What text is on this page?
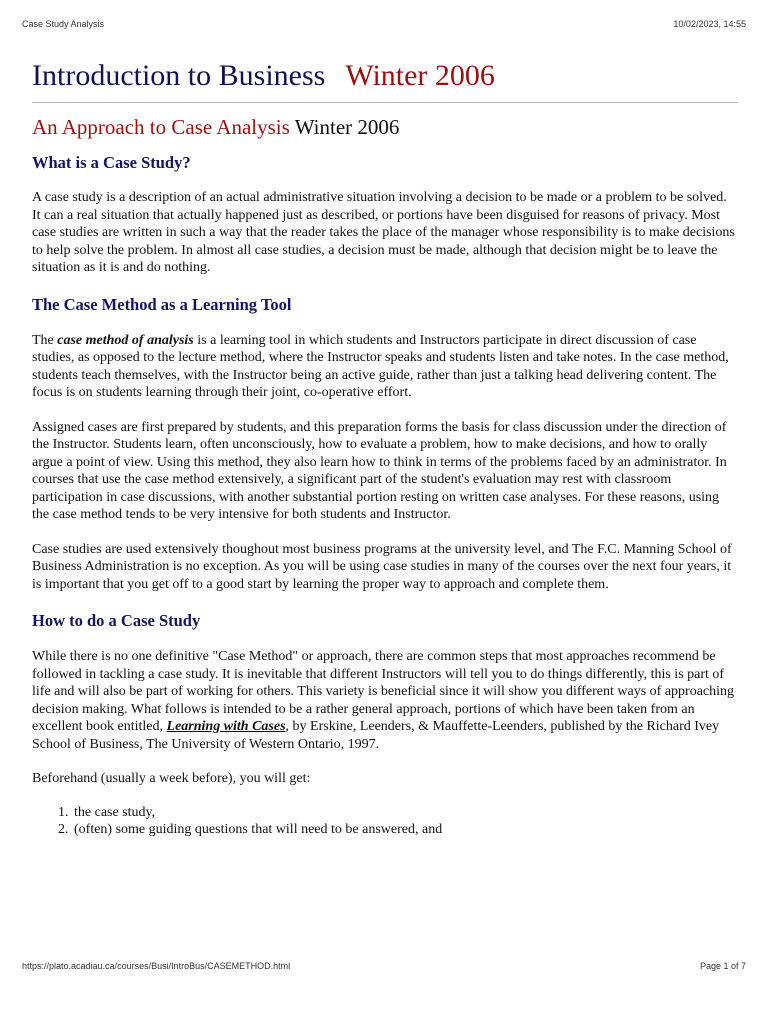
Case Study Analysis	10/02/2023, 14:55
Introduction to Business Winter 2006
An Approach to Case Analysis Winter 2006
What is a Case Study?

A case study is a description of an actual administrative situation involving a decision to be made or a problem to be solved. It can a real situation that actually happened just as described, or portions have been disguised for reasons of privacy. Most case studies are written in such a way that the reader takes the place of the manager whose responsibility is to make decisions to help solve the problem. In almost all case studies, a decision must be made, although that decision might be to leave the situation as it is and do nothing.

The Case Method as a Learning Tool

The case method of analysis is a learning tool in which students and Instructors participate in direct discussion of case studies, as opposed to the lecture method, where the Instructor speaks and students listen and take notes. In the case method, students teach themselves, with the Instructor being an active guide, rather than just a talking head delivering content. The focus is on students learning through their joint, co-operative effort.

Assigned cases are first prepared by students, and this preparation forms the basis for class discussion under the direction of the Instructor. Students learn, often unconsciously, how to evaluate a problem, how to make decisions, and how to orally argue a point of view. Using this method, they also learn how to think in terms of the problems faced by an administrator. In courses that use the case method extensively, a significant part of the student's evaluation may rest with classroom participation in case discussions, with another substantial portion resting on written case analyses. For these reasons, using the case method tends to be very intensive for both students and Instructor.

Case studies are used extensively thoughout most business programs at the university level, and The F.C. Manning School of Business Administration is no exception. As you will be using case studies in many of the courses over the next four years, it is important that you get off to a good start by learning the proper way to approach and complete them.

How to do a Case Study

While there is no one definitive "Case Method" or approach, there are common steps that most approaches recommend be followed in tackling a case study. It is inevitable that different Instructors will tell you to do things differently, this is part of life and will also be part of working for others. This variety is beneficial since it will show you different ways of approaching decision making. What follows is intended to be a rather general approach, portions of which have been taken from an excellent book entitled, Learning with Cases, by Erskine, Leenders, & Mauffette-Leenders, published by the Richard Ivey School of Business, The University of Western Ontario, 1997.

Beforehand (usually a week before), you will get:

1. the case study,
2. (often) some guiding questions that will need to be answered, and
https://plato.acadiau.ca/courses/Busi/IntroBus/CASEMETHOD.html	Page 1 of 7
